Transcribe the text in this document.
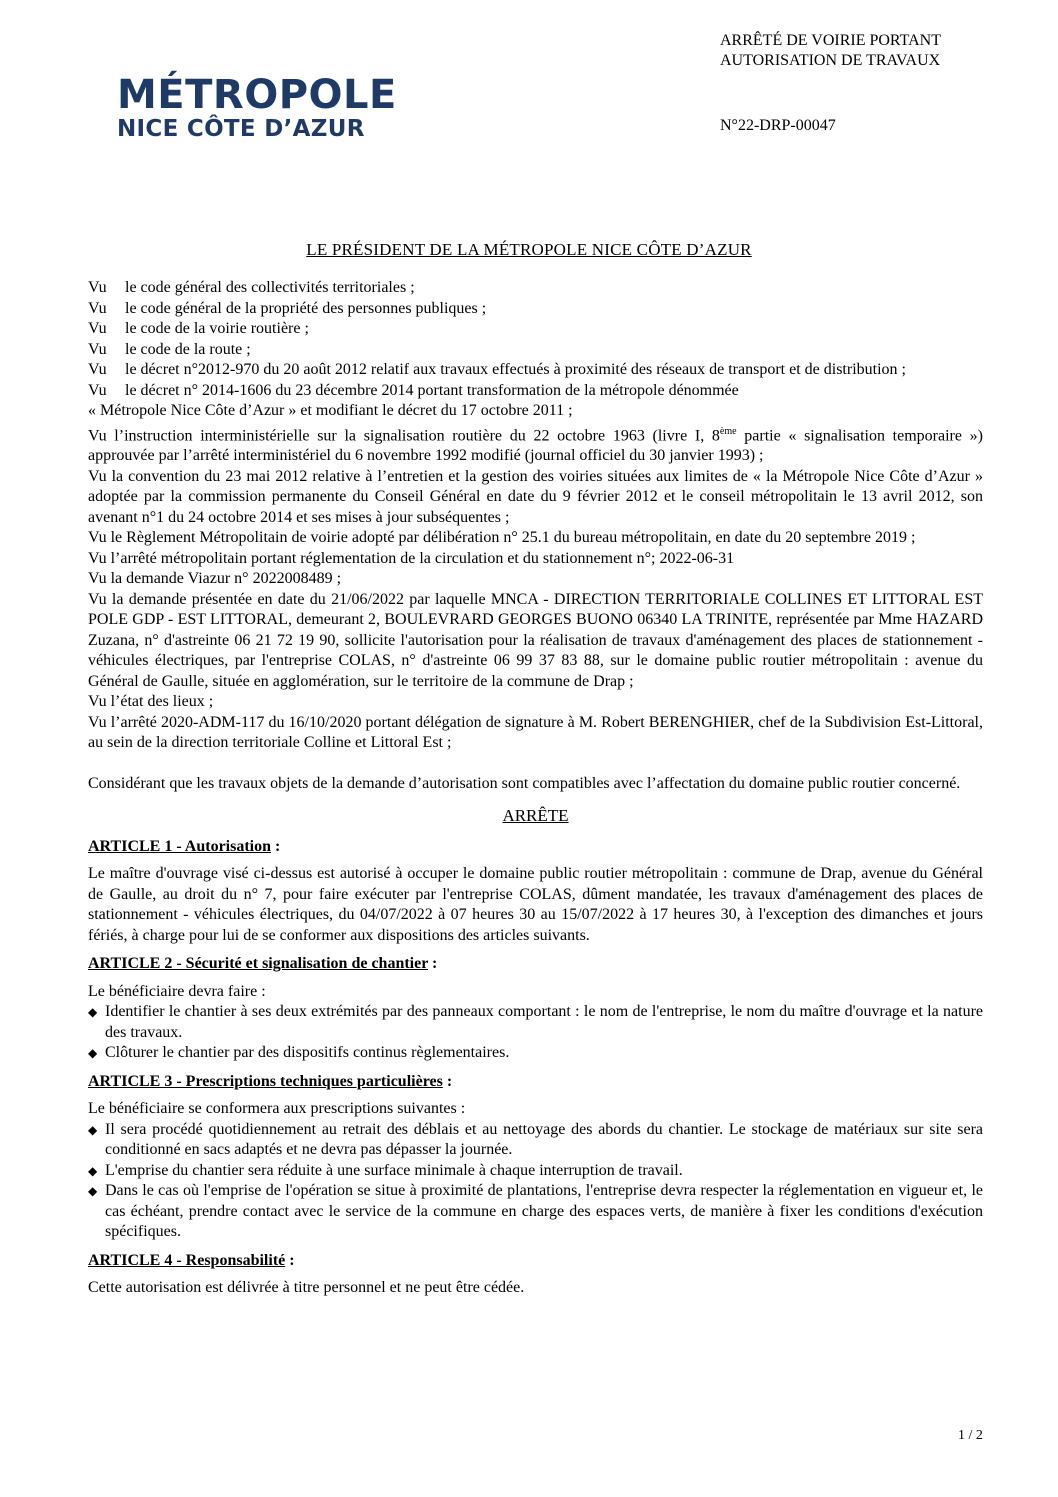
MÉTROPOLE
NICE CÔTE D’AZUR
ARRÊTÉ DE VOIRIE PORTANT
AUTORISATION DE TRAVAUX
N°22-DRP-00047
LE PRÉSIDENT DE LA MÉTROPOLE NICE CÔTE D’AZUR

Vu le code général des collectivités territoriales ;

Vu le code général de la propriété des personnes publiques ;

Vu le code de la voirie routière ;

Vu le code de la route ;

Vu le décret n°2012-970 du 20 août 2012 relatif aux travaux effectués à proximité des réseaux de transport et de distribution ;

Vu le décret n° 2014-1606 du 23 décembre 2014 portant transformation de la métropole dénommée

« Métropole Nice Côte d’Azur » et modifiant le décret du 17 octobre 2011 ;

Vu l’instruction interministérielle sur la signalisation routière du 22 octobre 1963 (livre I, 8ème partie « signalisation temporaire ») approuvée par l’arrêté interministériel du 6 novembre 1992 modifié (journal officiel du 30 janvier 1993) ;

Vu la convention du 23 mai 2012 relative à l’entretien et la gestion des voiries situées aux limites de « la Métropole Nice Côte d’Azur » adoptée par la commission permanente du Conseil Général en date du 9 février 2012 et le conseil métropolitain le 13 avril 2012, son avenant n°1 du 24 octobre 2014 et ses mises à jour subséquentes ;

Vu le Règlement Métropolitain de voirie adopté par délibération n° 25.1 du bureau métropolitain, en date du 20 septembre 2019 ;

Vu l’arrêté métropolitain portant réglementation de la circulation et du stationnement n°; 2022-06-31

Vu la demande Viazur n° 2022008489 ;

Vu la demande présentée en date du 21/06/2022 par laquelle MNCA - DIRECTION TERRITORIALE COLLINES ET LITTORAL EST POLE GDP - EST LITTORAL, demeurant 2, BOULEVRARD GEORGES BUONO 06340 LA TRINITE, représentée par Mme HAZARD Zuzana, n° d'astreinte 06 21 72 19 90, sollicite l'autorisation pour la réalisation de travaux d'aménagement des places de stationnement - véhicules électriques, par l'entreprise COLAS, n° d'astreinte 06 99 37 83 88, sur le domaine public routier métropolitain : avenue du Général de Gaulle, située en agglomération, sur le territoire de la commune de Drap ;

Vu l’état des lieux ;

Vu l’arrêté 2020-ADM-117 du 16/10/2020 portant délégation de signature à M. Robert BERENGHIER, chef de la Subdivision Est-Littoral, au sein de la direction territoriale Colline et Littoral Est ;

Considérant que les travaux objets de la demande d’autorisation sont compatibles avec l’affectation du domaine public routier concerné.

ARRÊTE

ARTICLE 1 - Autorisation :

Le maître d'ouvrage visé ci-dessus est autorisé à occuper le domaine public routier métropolitain : commune de Drap, avenue du Général de Gaulle, au droit du n° 7, pour faire exécuter par l'entreprise COLAS, dûment mandatée, les travaux d'aménagement des places de stationnement - véhicules électriques, du 04/07/2022 à 07 heures 30 au 15/07/2022 à 17 heures 30, à l'exception des dimanches et jours fériés, à charge pour lui de se conformer aux dispositions des articles suivants.

ARTICLE 2 - Sécurité et signalisation de chantier :

Le bénéficiaire devra faire :

◆ Identifier le chantier à ses deux extrémités par des panneaux comportant : le nom de l'entreprise, le nom du maître d'ouvrage et la nature des travaux.
◆ Clôturer le chantier par des dispositifs continus règlementaires.

ARTICLE 3 - Prescriptions techniques particulières :

Le bénéficiaire se conformera aux prescriptions suivantes :

◆ Il sera procédé quotidiennement au retrait des déblais et au nettoyage des abords du chantier. Le stockage de matériaux sur site sera conditionné en sacs adaptés et ne devra pas dépasser la journée.
◆ L'emprise du chantier sera réduite à une surface minimale à chaque interruption de travail.
◆ Dans le cas où l'emprise de l'opération se situe à proximité de plantations, l'entreprise devra respecter la réglementation en vigueur et, le cas échéant, prendre contact avec le service de la commune en charge des espaces verts, de manière à fixer les conditions d'exécution spécifiques.

ARTICLE 4 - Responsabilité :

Cette autorisation est délivrée à titre personnel et ne peut être cédée.

1 / 2
